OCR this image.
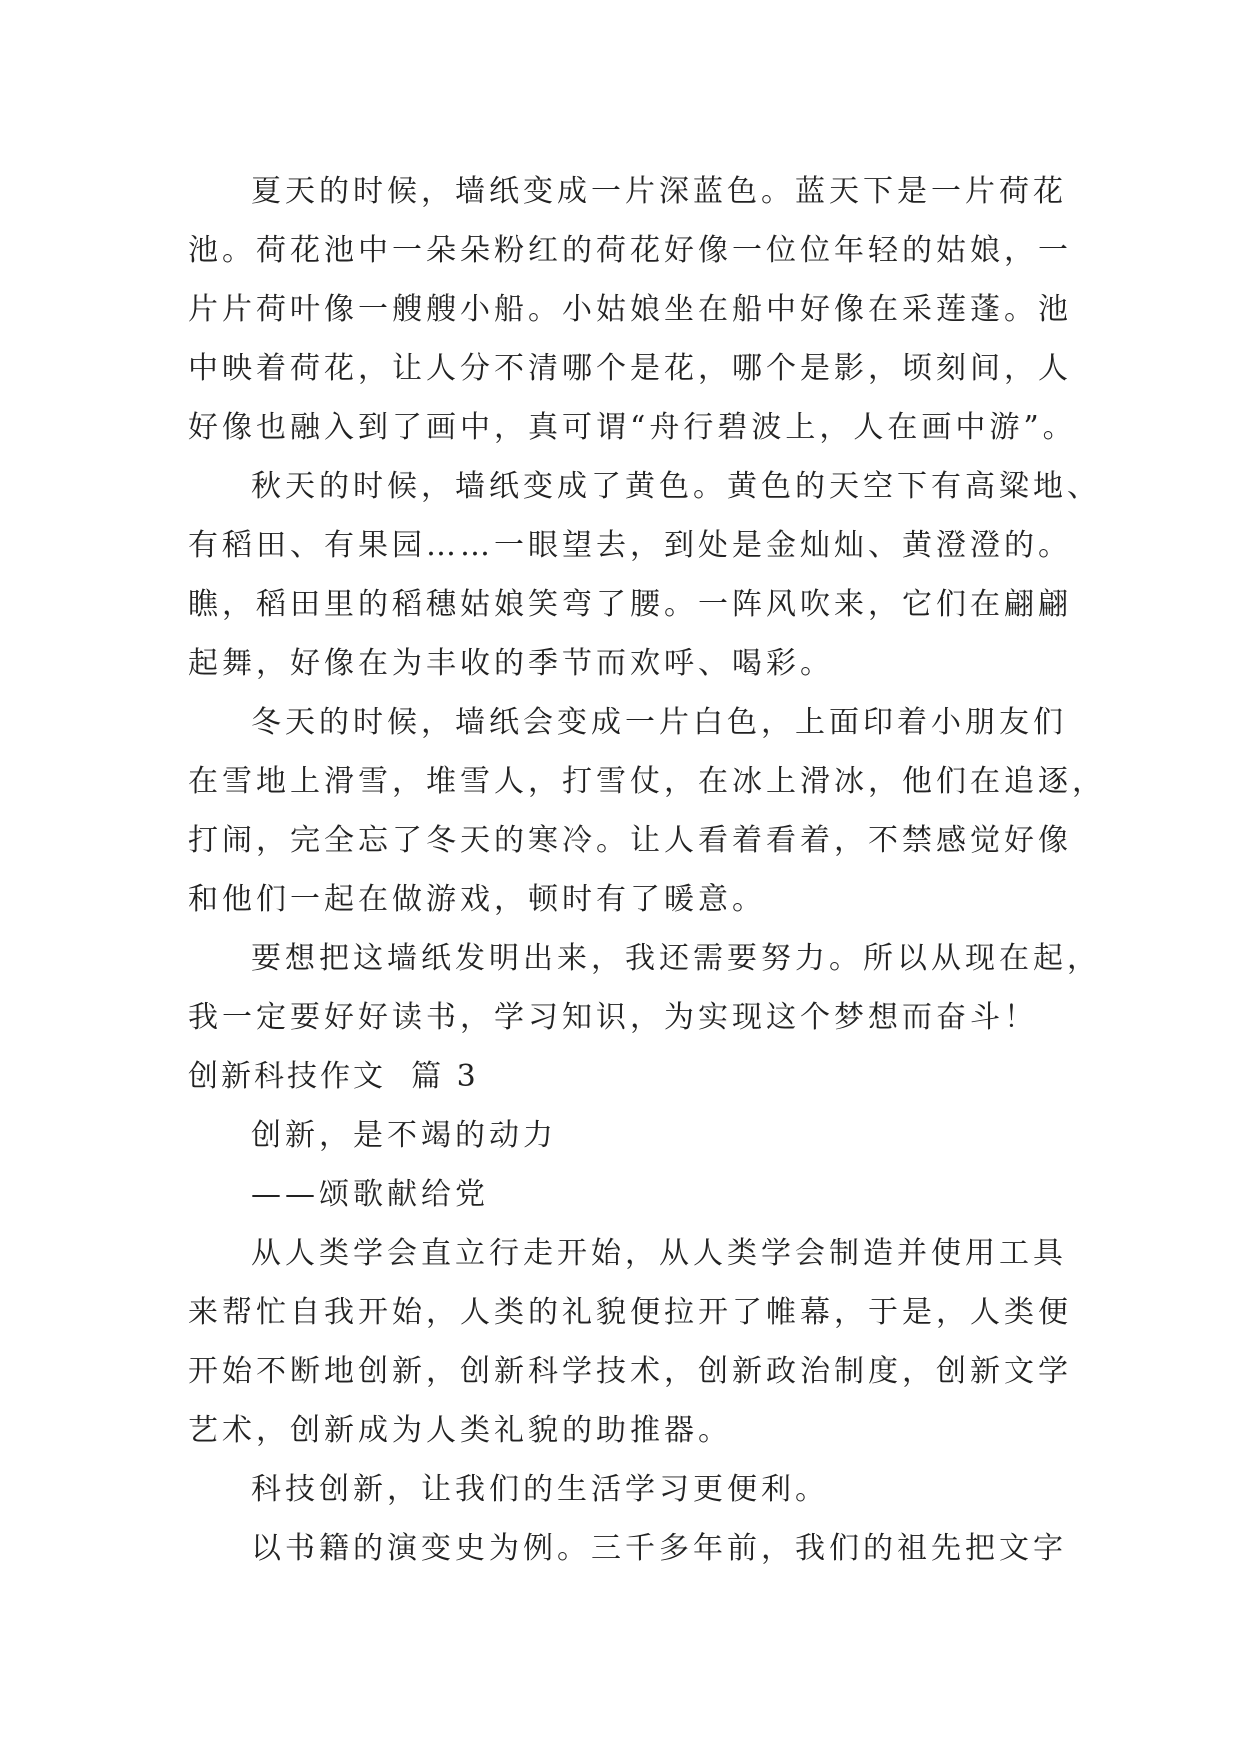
夏天的时候，墙纸变成一片深蓝色。蓝天下是一片荷花
池。荷花池中一朵朵粉红的荷花好像一位位年轻的姑娘，一
片片荷叶像一艘艘小船。小姑娘坐在船中好像在采莲蓬。池
中映着荷花，让人分不清哪个是花，哪个是影，顷刻间，人
好像也融入到了画中，真可谓“舟行碧波上，人在画中游”。
秋天的时候，墙纸变成了黄色。黄色的天空下有高粱地、
有稻田、有果园……一眼望去，到处是金灿灿、黄澄澄的。
瞧，稻田里的稻穗姑娘笑弯了腰。一阵风吹来，它们在翩翩
起舞，好像在为丰收的季节而欢呼、喝彩。
冬天的时候，墙纸会变成一片白色，上面印着小朋友们
在雪地上滑雪，堆雪人，打雪仗，在冰上滑冰，他们在追逐，
打闹，完全忘了冬天的寒冷。让人看着看着，不禁感觉好像
和他们一起在做游戏，顿时有了暖意。
要想把这墙纸发明出来，我还需要努力。所以从现在起，
我一定要好好读书，学习知识，为实现这个梦想而奋斗！
创新科技作文  篇 3
创新，是不竭的动力
——颂歌献给党
从人类学会直立行走开始，从人类学会制造并使用工具
来帮忙自我开始，人类的礼貌便拉开了帷幕，于是，人类便
开始不断地创新，创新科学技术，创新政治制度，创新文学
艺术，创新成为人类礼貌的助推器。
科技创新，让我们的生活学习更便利。
以书籍的演变史为例。三千多年前，我们的祖先把文字
